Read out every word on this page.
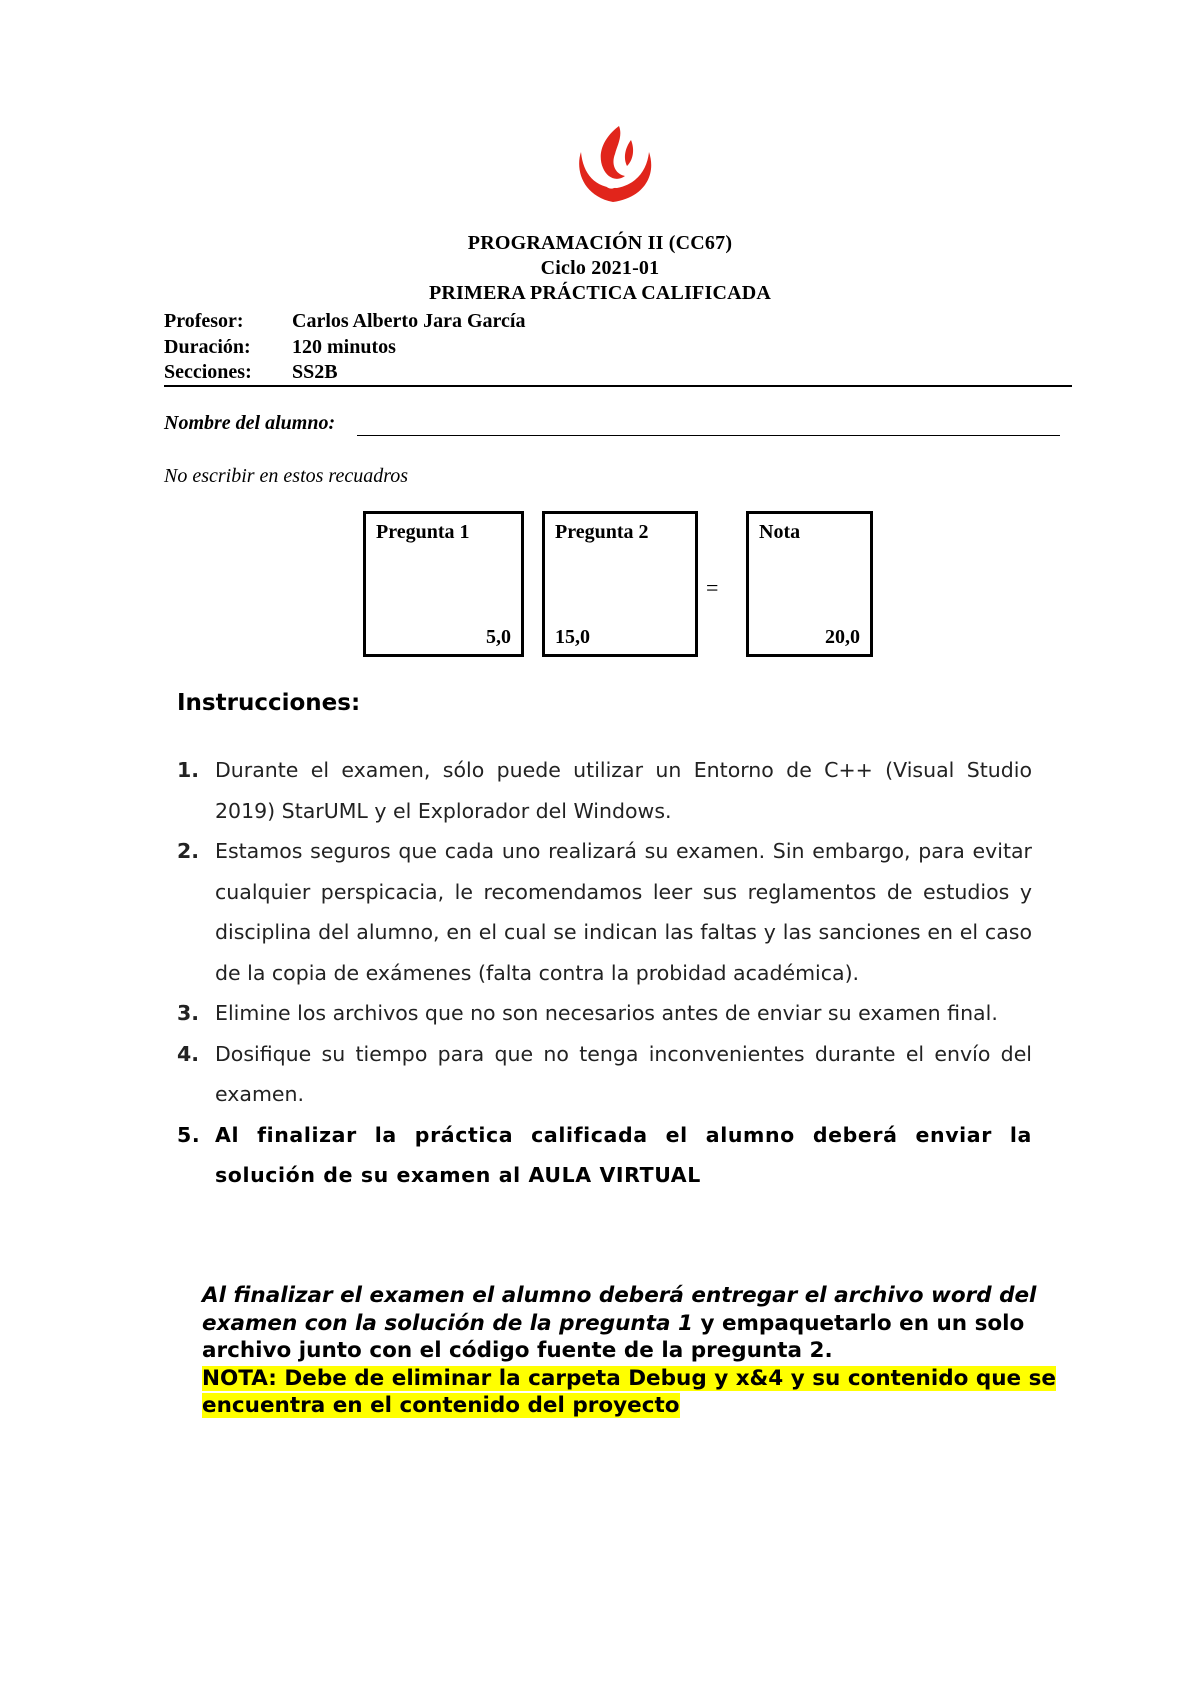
PROGRAMACIÓN II (CC67)
Ciclo 2021-01
PRIMERA PRÁCTICA CALIFICADA
Profesor: Carlos Alberto Jara García
Duración: 120 minutos
Secciones: SS2B
Nombre del alumno:
No escribir en estos recuadros
Pregunta 1
5,0
Pregunta 2
15,0
=
Nota
20,0
Instrucciones:
1. Durante el examen, sólo puede utilizar un Entorno de C++ (Visual Studio 2019) StarUML y el Explorador del Windows.
2. Estamos seguros que cada uno realizará su examen. Sin embargo, para evitar cualquier perspicacia, le recomendamos leer sus reglamentos de estudios y disciplina del alumno, en el cual se indican las faltas y las sanciones en el caso de la copia de exámenes (falta contra la probidad académica).
3. Elimine los archivos que no son necesarios antes de enviar su examen final.
4. Dosifique su tiempo para que no tenga inconvenientes durante el envío del examen.
5. Al finalizar la práctica calificada el alumno deberá enviar la solución de su examen al AULA VIRTUAL
Al finalizar el examen el alumno deberá entregar el archivo word del examen con la solución de la pregunta 1 y empaquetarlo en un solo archivo junto con el código fuente de la pregunta 2.
NOTA: Debe de eliminar la carpeta Debug y x&4 y su contenido que se encuentra en el contenido del proyecto
